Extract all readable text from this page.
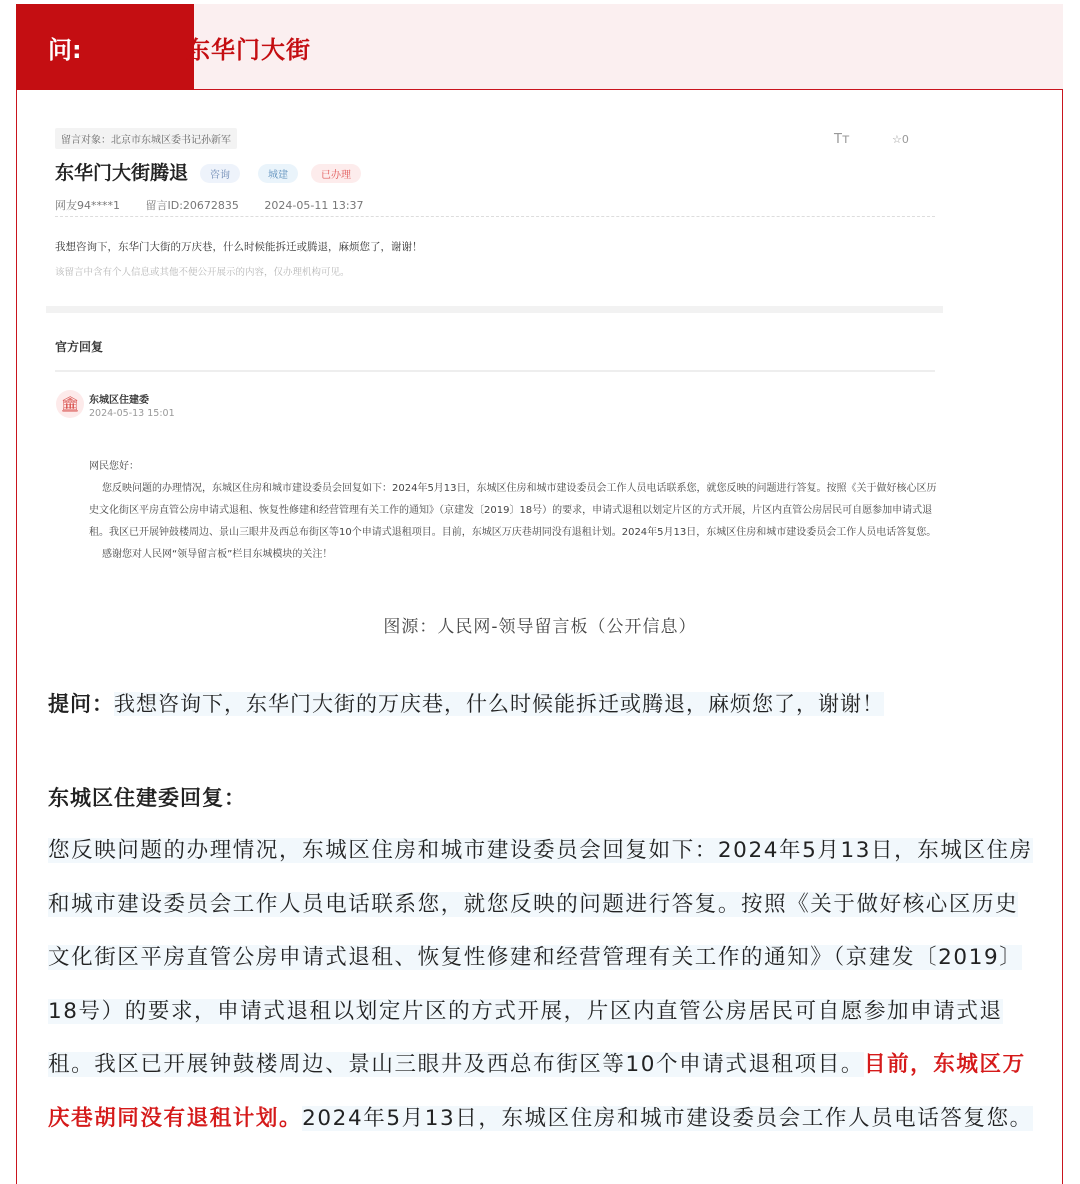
问:	东华门大街
留言对象：北京市东城区委书记孙新军	Tт	☆0
东华门大街腾退	咨询	城建	已办理
网友94****1 留言ID:20672835 2024-05-11 13:37
我想咨询下，东华门大街的万庆巷，什么时候能拆迁或腾退，麻烦您了，谢谢！
该留言中含有个人信息或其他不便公开展示的内容，仅办理机构可见。
官方回复
🏛 东城区住建委
2024-05-13 15:01

网民您好：

您反映问题的办理情况，东城区住房和城市建设委员会回复如下：2024年5月13日，东城区住房和城市建设委员会工作人员电话联系您，就您反映的问题进行答复。按照《关于做好核心区历史文化街区平房直管公房申请式退租、恢复性修建和经营管理有关工作的通知》（京建发〔2019〕18号）的要求，申请式退租以划定片区的方式开展，片区内直管公房居民可自愿参加申请式退租。我区已开展钟鼓楼周边、景山三眼井及西总布街区等10个申请式退租项目。目前，东城区万庆巷胡同没有退租计划。2024年5月13日，东城区住房和城市建设委员会工作人员电话答复您。

感谢您对人民网“领导留言板”栏目东城模块的关注！

图源：人民网-领导留言板（公开信息）
提问：我想咨询下，东华门大街的万庆巷，什么时候能拆迁或腾退，麻烦您了，谢谢！
东城区住建委回复：
您反映问题的办理情况，东城区住房和城市建设委员会回复如下：2024年5月13日，东城区住房和城市建设委员会工作人员电话联系您，就您反映的问题进行答复。按照《关于做好核心区历史文化街区平房直管公房申请式退租、恢复性修建和经营管理有关工作的通知》（京建发〔2019〕18号）的要求，申请式退租以划定片区的方式开展，片区内直管公房居民可自愿参加申请式退租。我区已开展钟鼓楼周边、景山三眼井及西总布街区等10个申请式退租项目。目前，东城区万庆巷胡同没有退租计划。2024年5月13日，东城区住房和城市建设委员会工作人员电话答复您。
